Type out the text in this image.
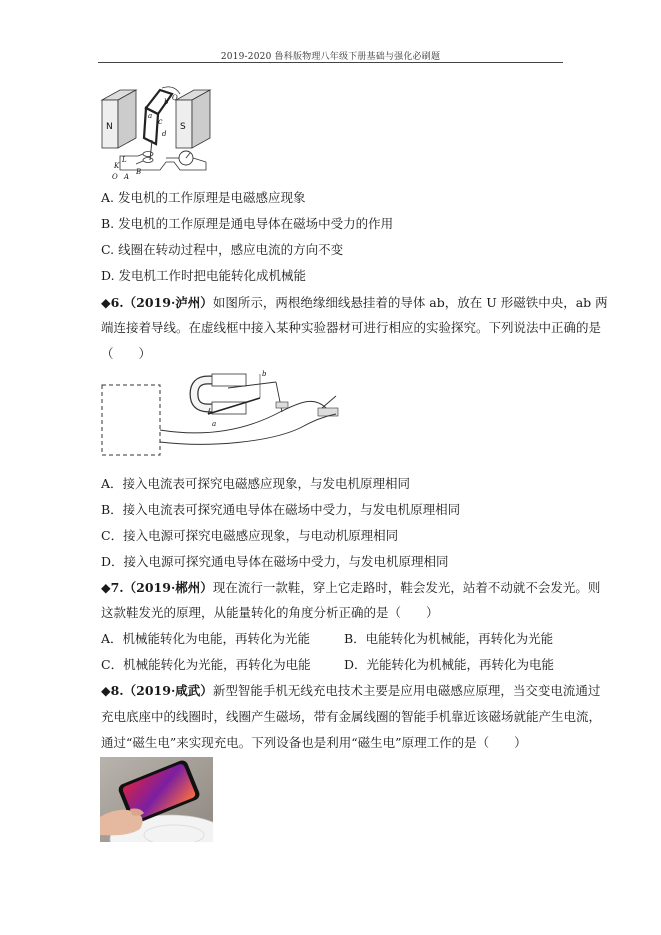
2019-2020 鲁科版物理八年级下册基础与强化必刷题
N	S
O
a
b
c
d
K
L
B
O A
A. 发电机的工作原理是电磁感应现象
B. 发电机的工作原理是通电导体在磁场中受力的作用
C. 线圈在转动过程中，感应电流的方向不变
D. 发电机工作时把电能转化成机械能
◆6.（2019·泸州）如图所示，两根绝缘细线悬挂着的导体 ab，放在 U 形磁铁中央，ab 两
端连接着导线。在虚线框中接入某种实验器材可进行相应的实验探究。下列说法中正确的是
（　　）
a
b
A．接入电流表可探究电磁感应现象，与发电机原理相同
B．接入电流表可探究通电导体在磁场中受力，与发电机原理相同
C．接入电源可探究电磁感应现象，与电动机原理相同
D．接入电源可探究通电导体在磁场中受力，与发电机原理相同
◆7.（2019·郴州）现在流行一款鞋，穿上它走路时，鞋会发光，站着不动就不会发光。则
这款鞋发光的原理，从能量转化的角度分析正确的是（　　）
A．机械能转化为电能，再转化为光能	B．电能转化为机械能，再转化为光能
C．机械能转化为光能，再转化为电能	D．光能转化为机械能，再转化为电能
◆8.（2019·咸武）新型智能手机无线充电技术主要是应用电磁感应原理，当交变电流通过
充电底座中的线圈时，线圈产生磁场，带有金属线圈的智能手机靠近该磁场就能产生电流，
通过“磁生电”来实现充电。下列设备也是利用“磁生电”原理工作的是（　　）
